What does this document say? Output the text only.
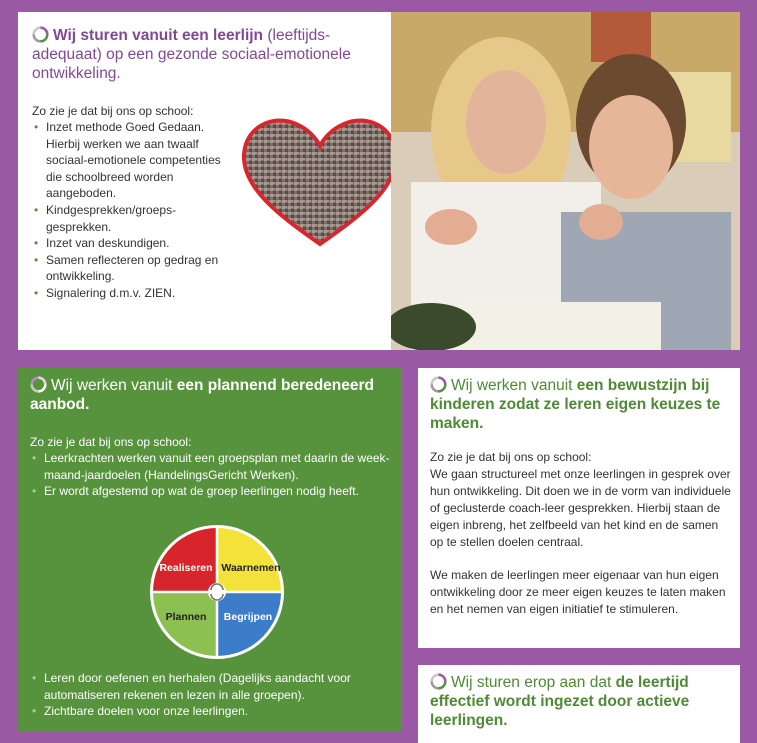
Wij sturen vanuit een leerlijn (leeftijds-adequaat) op een gezonde sociaal-emotionele ontwikkeling.

Zo zie je dat bij ons op school:

• Inzet methode Goed Gedaan. Hierbij werken we aan twaalf sociaal-emotionele competenties die schoolbreed worden aangeboden.
• Kindgesprekken/groeps-gesprekken.
• Inzet van deskundigen.
• Samen reflecteren op gedrag en ontwikkeling.
• Signalering d.m.v. ZIEN.

Wij werken vanuit een plannend beredeneerd aanbod.

Zo zie je dat bij ons op school:

• Leerkrachten werken vanuit een groepsplan met daarin de week-maand-jaardoelen (HandelingsGericht Werken).
• Er wordt afgestemd op wat de groep leerlingen nodig heeft.
Realiseren Waarnemen
Plannen Begrijpen
• Leren door oefenen en herhalen (Dagelijks aandacht voor automatiseren rekenen en lezen in alle groepen).
• Zichtbare doelen voor onze leerlingen.

Wij werken vanuit een bewustzijn bij kinderen zodat ze leren eigen keuzes te maken.

Zo zie je dat bij ons op school:

We gaan structureel met onze leerlingen in gesprek over hun ontwikkeling. Dit doen we in de vorm van individuele of geclusterde coach-leer gesprekken. Hierbij staan de eigen inbreng, het zelfbeeld van het kind en de samen op te stellen doelen centraal.

We maken de leerlingen meer eigenaar van hun eigen ontwikkeling door ze meer eigen keuzes te laten maken en het nemen van eigen initiatief te stimuleren.

Wij sturen erop aan dat de leertijd effectief wordt ingezet door actieve leerlingen.
